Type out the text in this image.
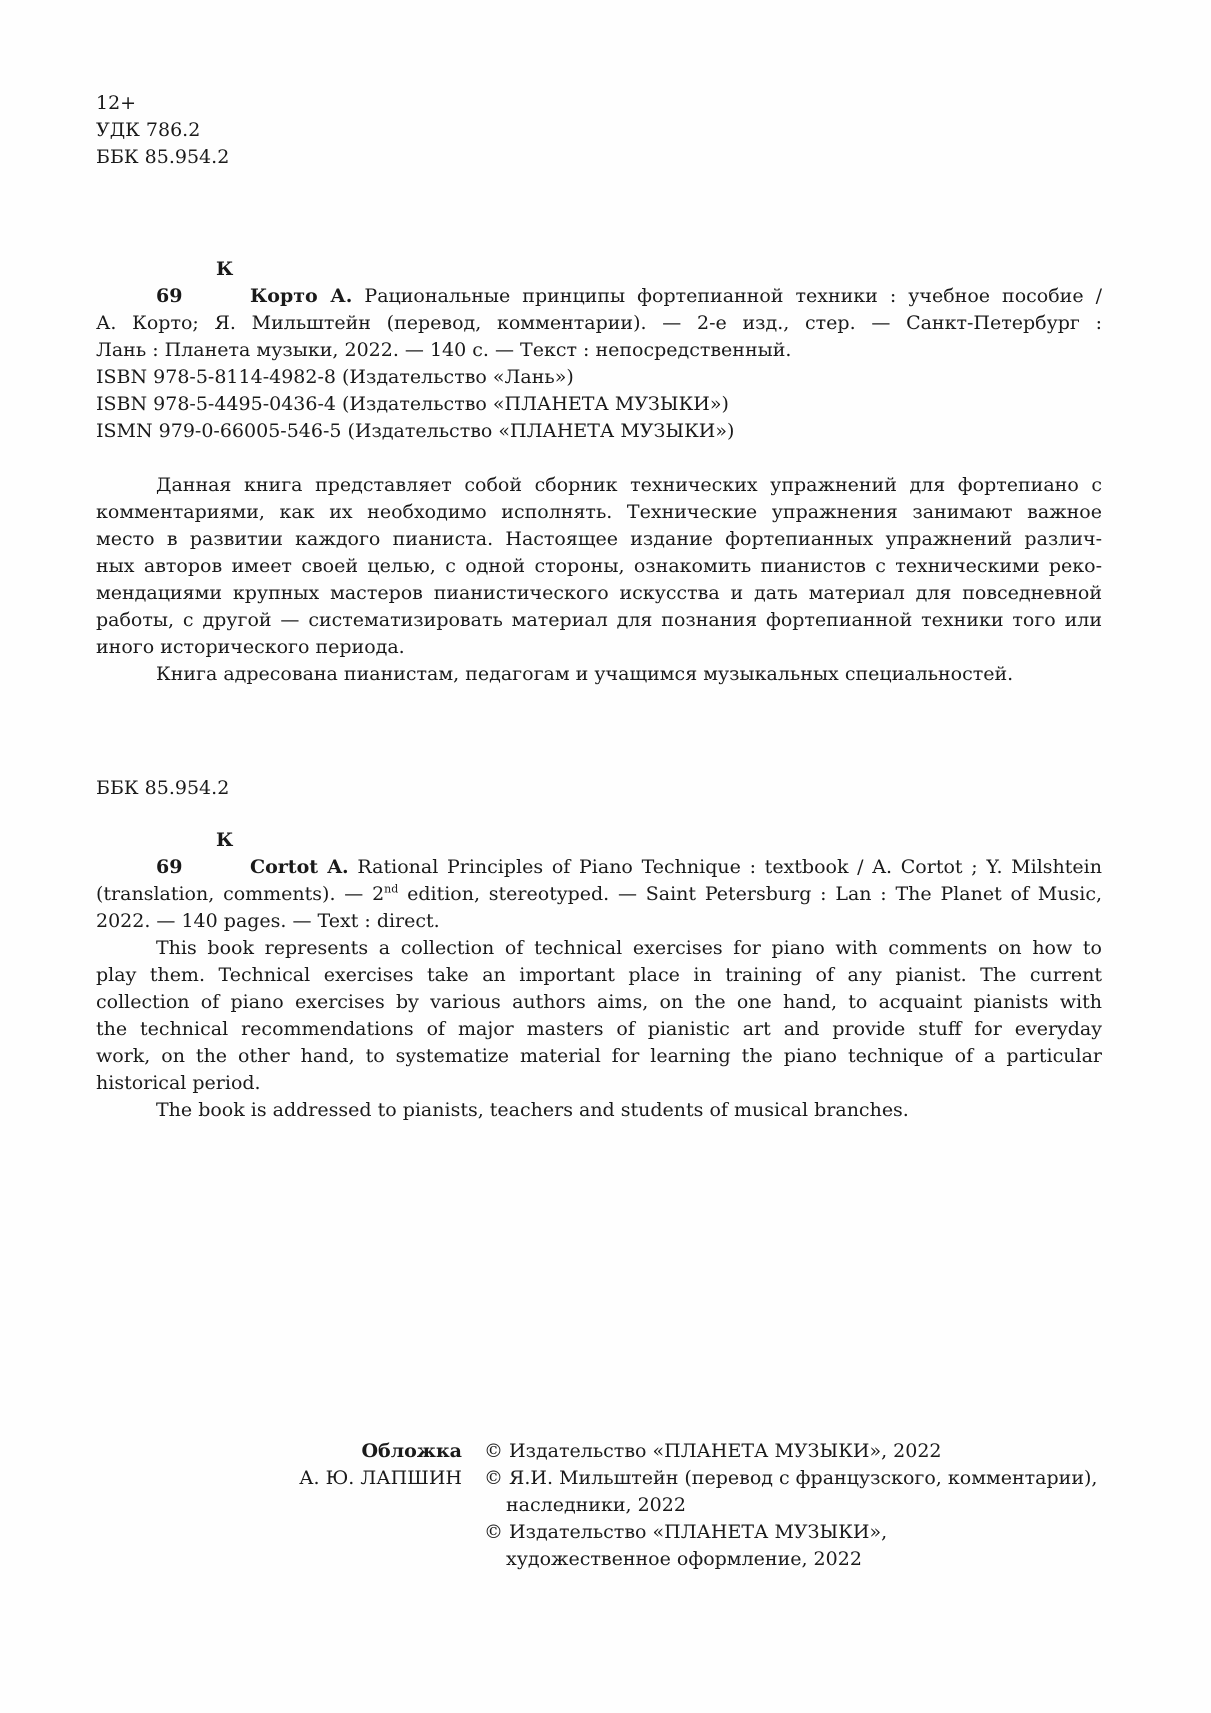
12+
УДК 786.2
ББК 85.954.2
К 69	Корто А. Рациональные принципы фортепианной техники : учебное пособие /
А. Корто; Я. Мильштейн (перевод, комментарии). — 2-е изд., стер. — Санкт-Петербург :
Лань : Планета музыки, 2022. — 140 с. — Текст : непосредственный.
ISBN 978-5-8114-4982-8 (Издательство «Лань»)
ISBN 978-5-4495-0436-4 (Издательство «ПЛАНЕТА МУЗЫКИ»)
ISMN 979-0-66005-546-5 (Издательство «ПЛАНЕТА МУЗЫКИ»)
Данная книга представляет собой сборник технических упражнений для фортепиано с
комментариями, как их необходимо исполнять. Технические упражнения занимают важное
место в развитии каждого пианиста. Настоящее издание фортепианных упражнений различ-
ных авторов имеет своей целью, с одной стороны, ознакомить пианистов с техническими реко-
мендациями крупных мастеров пианистического искусства и дать материал для повседневной
работы, с другой — систематизировать материал для познания фортепианной техники того или
иного исторического периода.
Книга адресована пианистам, педагогам и учащимся музыкальных специальностей.
ББК 85.954.2
К 69	Cortot A. Rational Principles of Piano Technique : textbook / A. Cortot ; Y. Milshtein
(translation, comments). — 2nd edition, stereotyped. — Saint Petersburg : Lan : The Planet of Music,
2022. — 140 pages. — Text : direct.
This book represents a collection of technical exercises for piano with comments on how to
play them. Technical exercises take an important place in training of any pianist. The current
collection of piano exercises by various authors aims, on the one hand, to acquaint pianists with
the technical recommendations of major masters of pianistic art and provide stuff for everyday
work, on the other hand, to systematize material for learning the piano technique of a particular
historical period.
The book is addressed to pianists, teachers and students of musical branches.
Обложка
А. Ю. ЛАПШИН
© Издательство «ПЛАНЕТА МУЗЫКИ», 2022
© Я.И. Мильштейн (перевод с французского, комментарии),
наследники, 2022
© Издательство «ПЛАНЕТА МУЗЫКИ»,
художественное оформление, 2022
